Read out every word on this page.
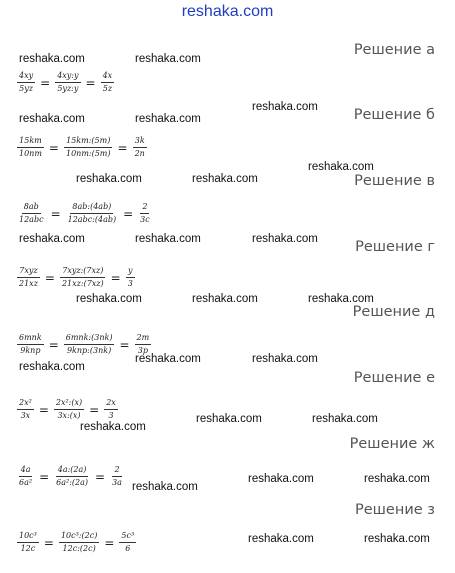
reshaka.com
reshaka.com	reshaka.com
reshaka.com
reshaka.com	reshaka.com
reshaka.com
reshaka.com	reshaka.com
reshaka.com	reshaka.com	reshaka.com
reshaka.com	reshaka.com	reshaka.com
reshaka.com	reshaka.com
reshaka.com
reshaka.com	reshaka.com
reshaka.com
reshaka.com	reshaka.com
reshaka.com
reshaka.com	reshaka.com
Решение а
Решение б
Решение в
Решение г
Решение д
Решение е
Решение ж
Решение з
$\frac{4xy}{5yz} = \frac{4xy:y}{5yz:y} = \frac{4x}{5z}$
$\frac{15km}{10nm} = \frac{15km:(5m)}{10nm:(5m)} = \frac{3k}{2n}$
$\frac{8ab}{\text{12abc}} = \frac{8ab:(4ab)}{\text{12abc:(4ab)}} = \frac{2}{3c}$
$\frac{\text{7xyz}}{21xz} = \frac{\text{7xyz:(7xz)}}{21xz:(7xz)} = \frac{y}{3}$
$\frac{\text{6mnk}}{\text{9knp}} = \frac{\text{6mnk:(3nk)}}{\text{9knp:(3nk)}} = \frac{2m}{3p}$
$\frac{\text{2x²}}{3x} = \frac{\text{2x²:(x)}}{3x:(x)} = \frac{2x}{3}$
$\frac{4a}{\text{6a²}} = \frac{4a:(2a)}{\text{6a²:(2a)}} = \frac{2}{3a}$
$\frac{\text{10c³}}{12c} = \frac{\text{10c³:(2c)}}{12c:(2c)} = \frac{\text{5c³}}{6}$
